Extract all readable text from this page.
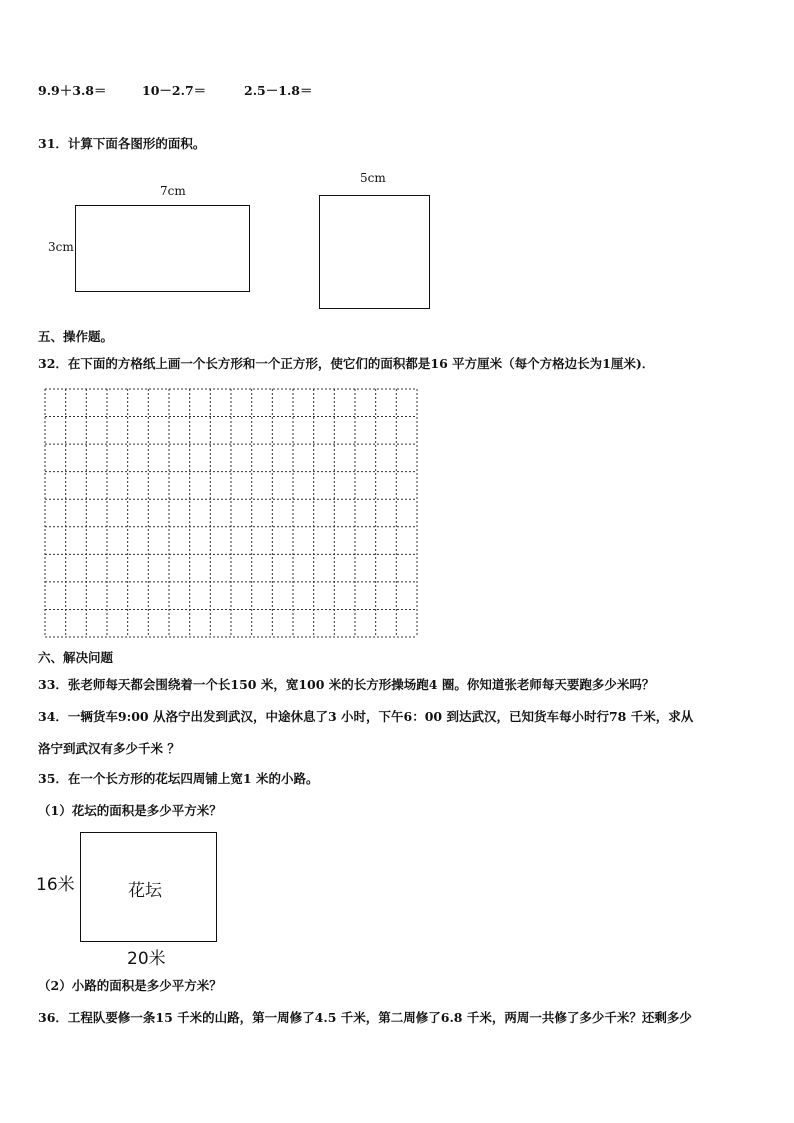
9.9＋3.8＝	10－2.7＝	2.5－1.8＝
31．计算下面各图形的面积。
7cm
3cm
5cm
五、操作题。
32．在下面的方格纸上画一个长方形和一个正方形，使它们的面积都是16 平方厘米（每个方格边长为1厘米)．
六、解决问题
33．张老师每天都会围绕着一个长150 米，宽100 米的长方形操场跑4 圈。你知道张老师每天要跑多少米吗？
34．一辆货车9:00 从洛宁出发到武汉，中途休息了3 小时，下午6：00 到达武汉，已知货车每小时行78 千米，求从
洛宁到武汉有多少千米 ？
35．在一个长方形的花坛四周铺上宽1 米的小路。
（1）花坛的面积是多少平方米？
花坛
16米
20米
（2）小路的面积是多少平方米？
36．工程队要修一条15 千米的山路，第一周修了4.5 千米，第二周修了6.8 千米，两周一共修了多少千米？还剩多少
